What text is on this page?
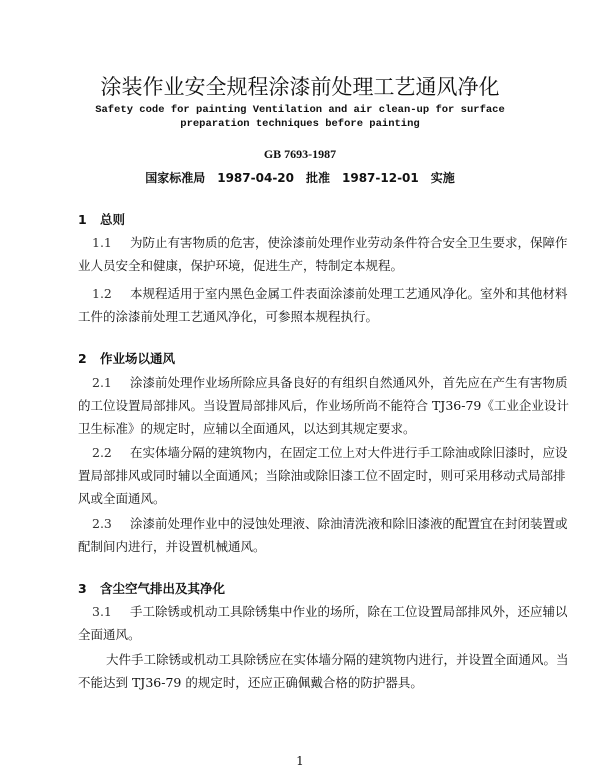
涂装作业安全规程涂漆前处理工艺通风净化
Safety code for painting Ventilation and air clean-up for surface
preparation techniques before painting
GB 7693-1987
国家标准局　1987-04-20　批准　1987-12-01　实施
1 总则
1.1 为防止有害物质的危害，使涂漆前处理作业劳动条件符合安全卫生要求，保障作
业人员安全和健康，保护环境，促进生产，特制定本规程。
1.2 本规程适用于室内黑色金属工件表面涂漆前处理工艺通风净化。室外和其他材料
工件的涂漆前处理工艺通风净化，可参照本规程执行。
2 作业场以通风
2.1 涂漆前处理作业场所除应具备良好的有组织自然通风外，首先应在产生有害物质
的工位设置局部排风。当设置局部排风后，作业场所尚不能符合 TJ36-79《工业企业设计
卫生标准》的规定时，应辅以全面通风，以达到其规定要求。
2.2 在实体墙分隔的建筑物内，在固定工位上对大件进行手工除油或除旧漆时，应设
置局部排风或同时辅以全面通风；当除油或除旧漆工位不固定时，则可采用移动式局部排
风或全面通风。
2.3 涂漆前处理作业中的浸蚀处理液、除油清洗液和除旧漆液的配置宜在封闭装置或
配制间内进行，并设置机械通风。
3 含尘空气排出及其净化
3.1 手工除锈或机动工具除锈集中作业的场所，除在工位设置局部排风外，还应辅以
全面通风。
大件手工除锈或机动工具除锈应在实体墙分隔的建筑物内进行，并设置全面通风。当
不能达到 TJ36-79 的规定时，还应正确佩戴合格的防护器具。
1
